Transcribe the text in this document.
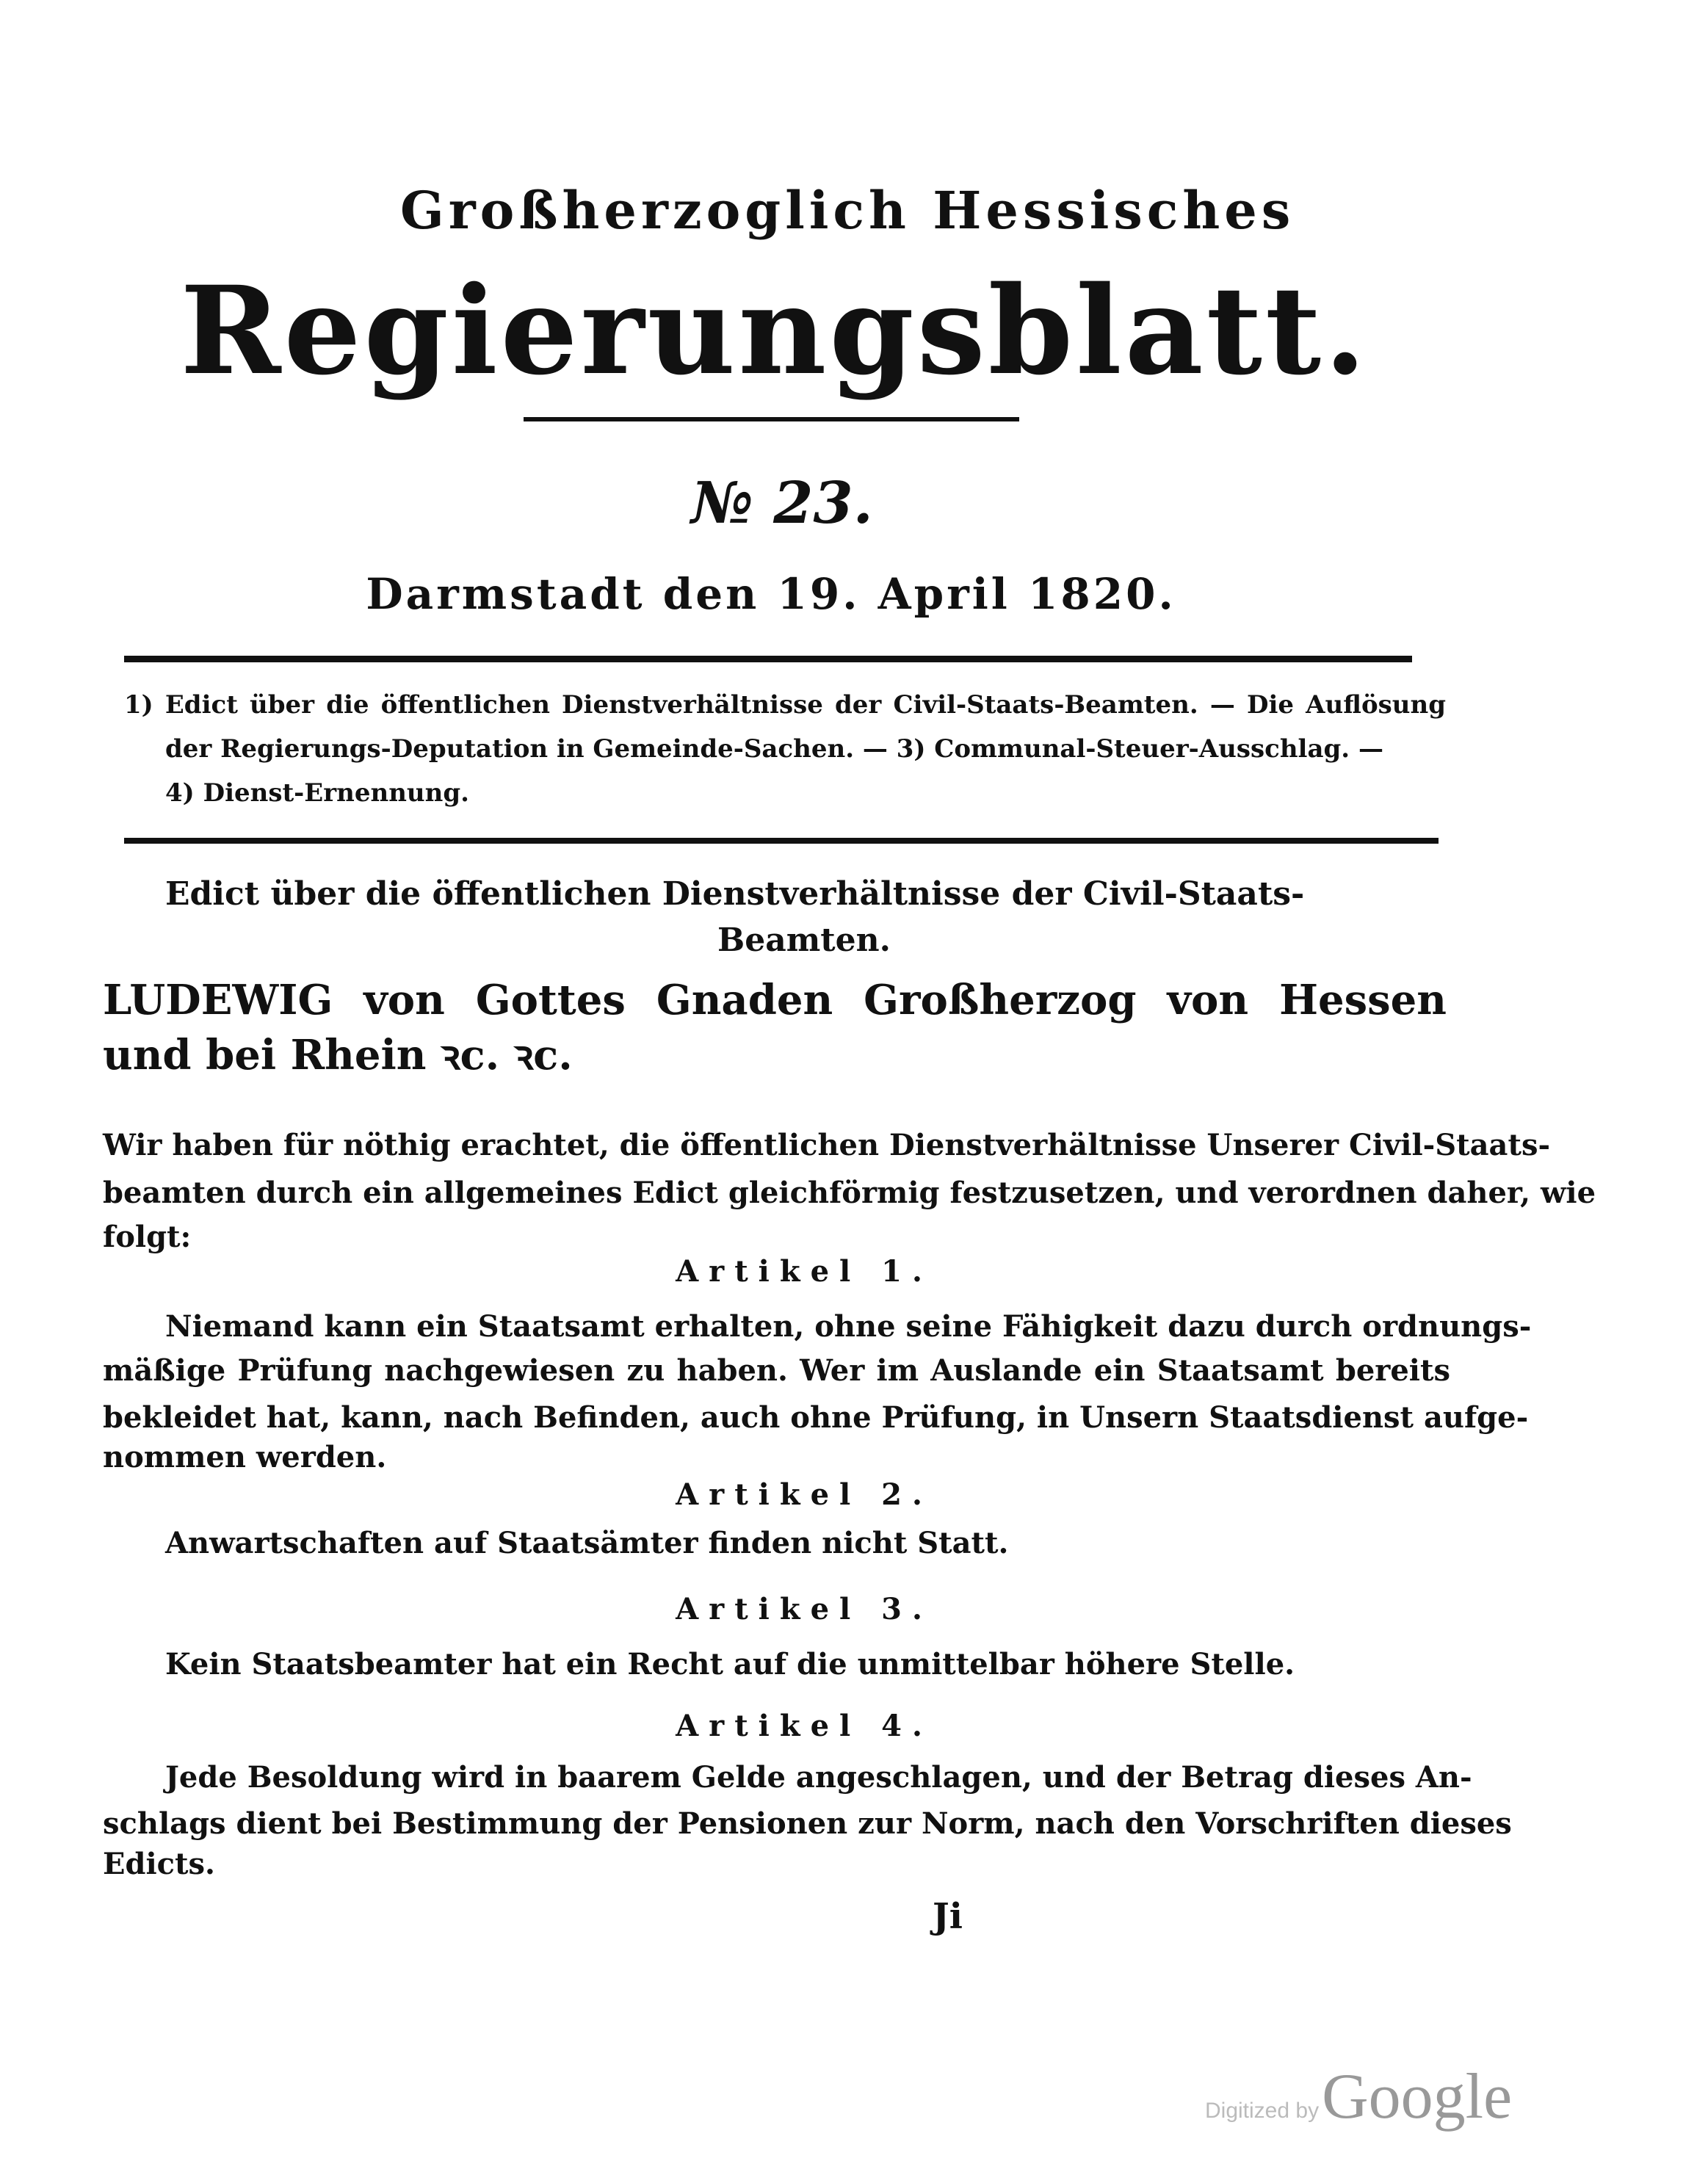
Großherzoglich Hessisches
Regierungsblatt.
№ 23.
Darmstadt den 19. April 1820.
1) Edict über die öffentlichen Dienstverhältnisse der Civil-Staats-Beamten. — Die Auflösung
der Regierungs-Deputation in Gemeinde-Sachen. — 3) Communal-Steuer-Ausschlag. —
4) Dienst-Ernennung.
Edict über die öffentlichen Dienstverhältnisse der Civil-Staats-
Beamten.
LUDEWIG von Gottes Gnaden Großherzog von Hessen
und bei Rhein ꝛc. ꝛc.
Wir haben für nöthig erachtet, die öffentlichen Dienstverhältnisse Unserer Civil-Staats-
beamten durch ein allgemeines Edict gleichförmig festzusetzen, und verordnen daher, wie
folgt:
Artikel 1.
Niemand kann ein Staatsamt erhalten, ohne seine Fähigkeit dazu durch ordnungs-
mäßige Prüfung nachgewiesen zu haben. Wer im Auslande ein Staatsamt bereits
bekleidet hat, kann, nach Befinden, auch ohne Prüfung, in Unsern Staatsdienst aufge-
nommen werden.
Artikel 2.
Anwartschaften auf Staatsämter finden nicht Statt.
Artikel 3.
Kein Staatsbeamter hat ein Recht auf die unmittelbar höhere Stelle.
Artikel 4.
Jede Besoldung wird in baarem Gelde angeschlagen, und der Betrag dieses An-
schlags dient bei Bestimmung der Pensionen zur Norm, nach den Vorschriften dieses
Edicts.
Ji
Digitized by Google
